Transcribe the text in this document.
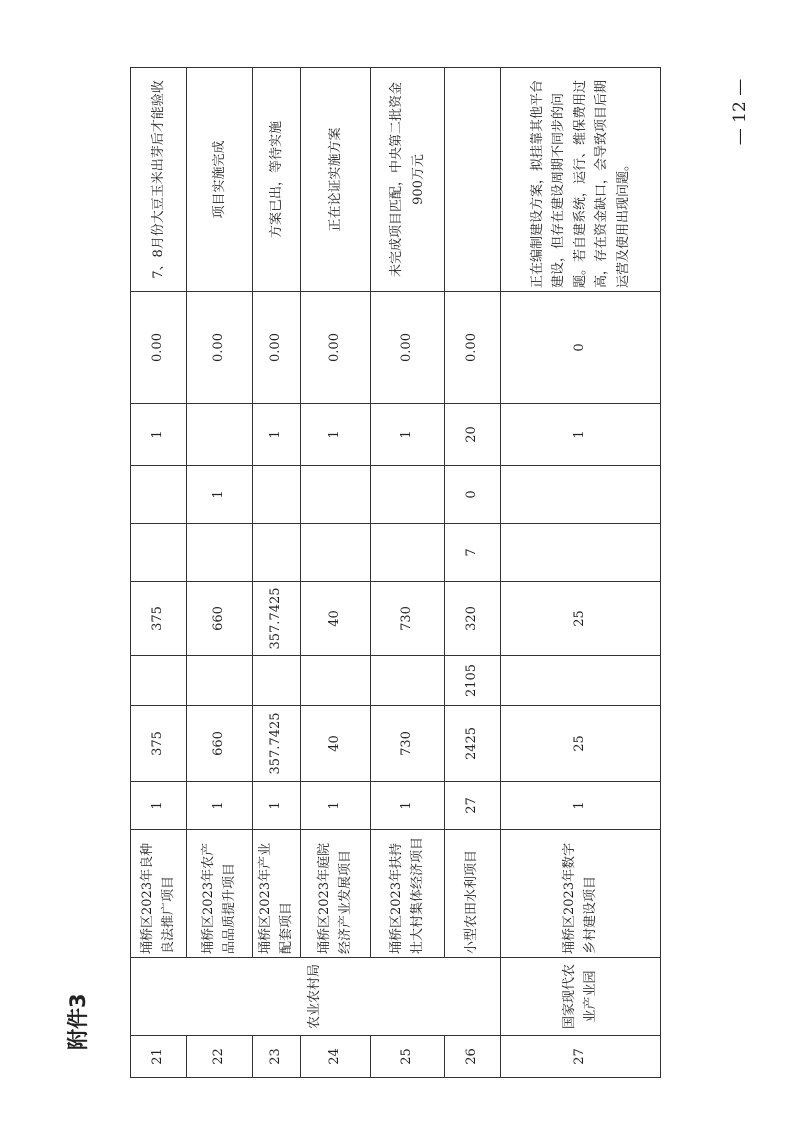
附件3
— 12 —
21	农业农村局	埇桥区2023年良种良法推广项目	1	375		375			1	0.00	7、8月份大豆玉米出芽后才能验收
22		埇桥区2023年农产品品质提升项目	1	660		660		1		0.00	项目实施完成
23		埇桥区2023年产业配套项目	1	357.7425		357.7425			1	0.00	方案已出，等待实施
24		埇桥区2023年庭院经济产业发展项目	1	40		40			1	0.00	正在论证实施方案
25		埇桥区2023年扶持壮大村集体经济项目	1	730		730			1	0.00	未完成项目匹配，中央第二批资金900万元
26		小型农田水利项目	27	2425	2105	320	7	0	20	0.00	
27	国家现代农业产业园	埇桥区2023年数字乡村建设项目	1	25		25			1	0	正在编制建设方案，拟挂靠其他平台建设，但存在建设周期不同步的问题。若自建系统，运行、维保费用过高，存在资金缺口，会导致项目后期运营及使用出现问题。
